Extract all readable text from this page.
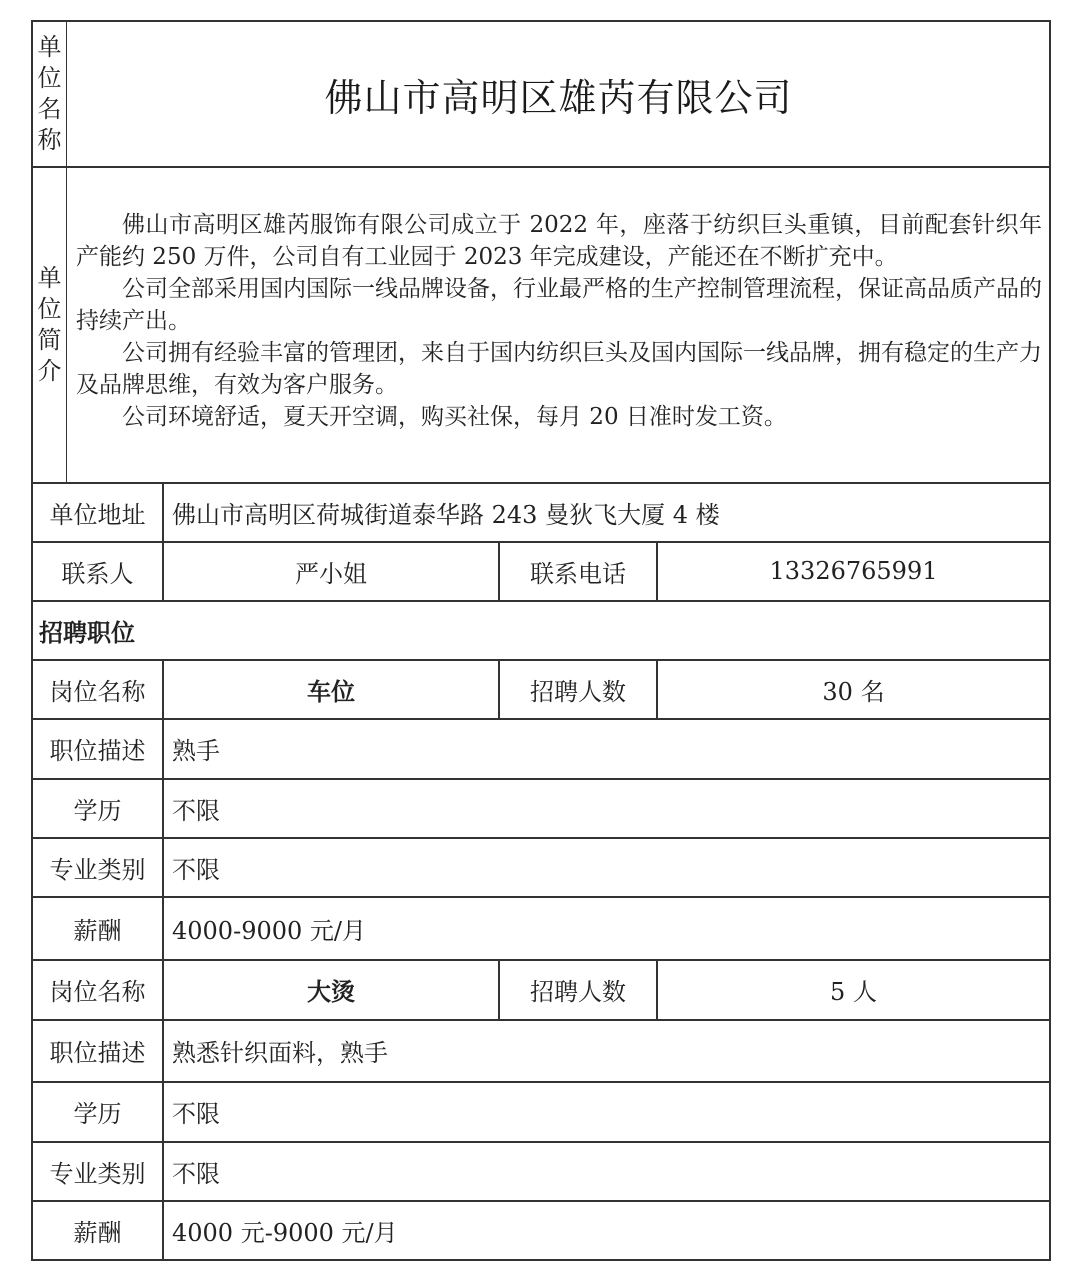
单
位
名
称
佛山市高明区雄芮有限公司
单
位
简
介

佛山市高明区雄芮服饰有限公司成立于 2022 年，座落于纺织巨头重镇，目前配套针织年产能约 250 万件，公司自有工业园于 2023 年完成建设，产能还在不断扩充中。

公司全部采用国内国际一线品牌设备，行业最严格的生产控制管理流程，保证高品质产品的持续产出。

公司拥有经验丰富的管理团，来自于国内纺织巨头及国内国际一线品牌，拥有稳定的生产力及品牌思维，有效为客户服务。

公司环境舒适，夏天开空调，购买社保，每月 20 日准时发工资。

单位地址	佛山市高明区荷城街道泰华路 243 曼狄飞大厦 4 楼
联系人	严小姐	联系电话	13326765991
招聘职位
岗位名称	车位	招聘人数	30 名
职位描述	熟手
学历	不限
专业类别	不限
薪酬	4000-9000 元/月
岗位名称	大烫	招聘人数	5 人
职位描述	熟悉针织面料，熟手
学历	不限
专业类别	不限
薪酬	4000 元-9000 元/月
